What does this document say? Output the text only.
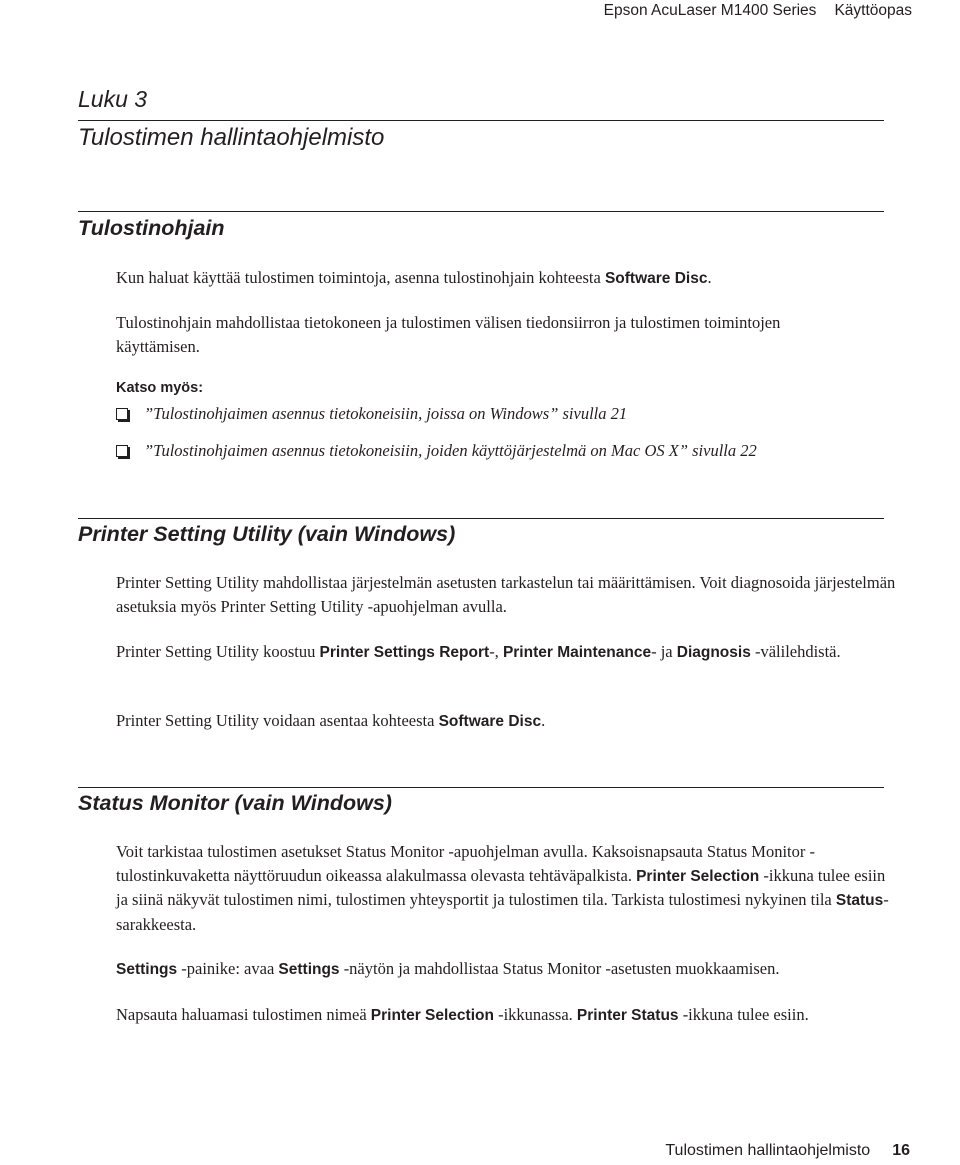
Epson AcuLaser M1400 Series Käyttöopas
Luku 3
Tulostimen hallintaohjelmisto
Tulostinohjain
Kun haluat käyttää tulostimen toimintoja, asenna tulostinohjain kohteesta Software Disc.
Tulostinohjain mahdollistaa tietokoneen ja tulostimen välisen tiedonsiirron ja tulostimen toimintojen käyttämisen.
Katso myös:
”Tulostinohjaimen asennus tietokoneisiin, joissa on Windows” sivulla 21
”Tulostinohjaimen asennus tietokoneisiin, joiden käyttöjärjestelmä on Mac OS X” sivulla 22
Printer Setting Utility (vain Windows)
Printer Setting Utility mahdollistaa järjestelmän asetusten tarkastelun tai määrittämisen. Voit diagnosoida järjestelmän asetuksia myös Printer Setting Utility -apuohjelman avulla.
Printer Setting Utility koostuu Printer Settings Report-, Printer Maintenance- ja Diagnosis -välilehdistä.
Printer Setting Utility voidaan asentaa kohteesta Software Disc.
Status Monitor (vain Windows)
Voit tarkistaa tulostimen asetukset Status Monitor -apuohjelman avulla. Kaksoisnapsauta Status Monitor -tulostinkuvaketta näyttöruudun oikeassa alakulmassa olevasta tehtäväpalkista. Printer Selection -ikkuna tulee esiin ja siinä näkyvät tulostimen nimi, tulostimen yhteysportit ja tulostimen tila. Tarkista tulostimesi nykyinen tila Status-sarakkeesta.
Settings -painike: avaa Settings -näytön ja mahdollistaa Status Monitor -asetusten muokkaamisen.
Napsauta haluamasi tulostimen nimeä Printer Selection -ikkunassa. Printer Status -ikkuna tulee esiin.
Tulostimen hallintaohjelmisto 16
